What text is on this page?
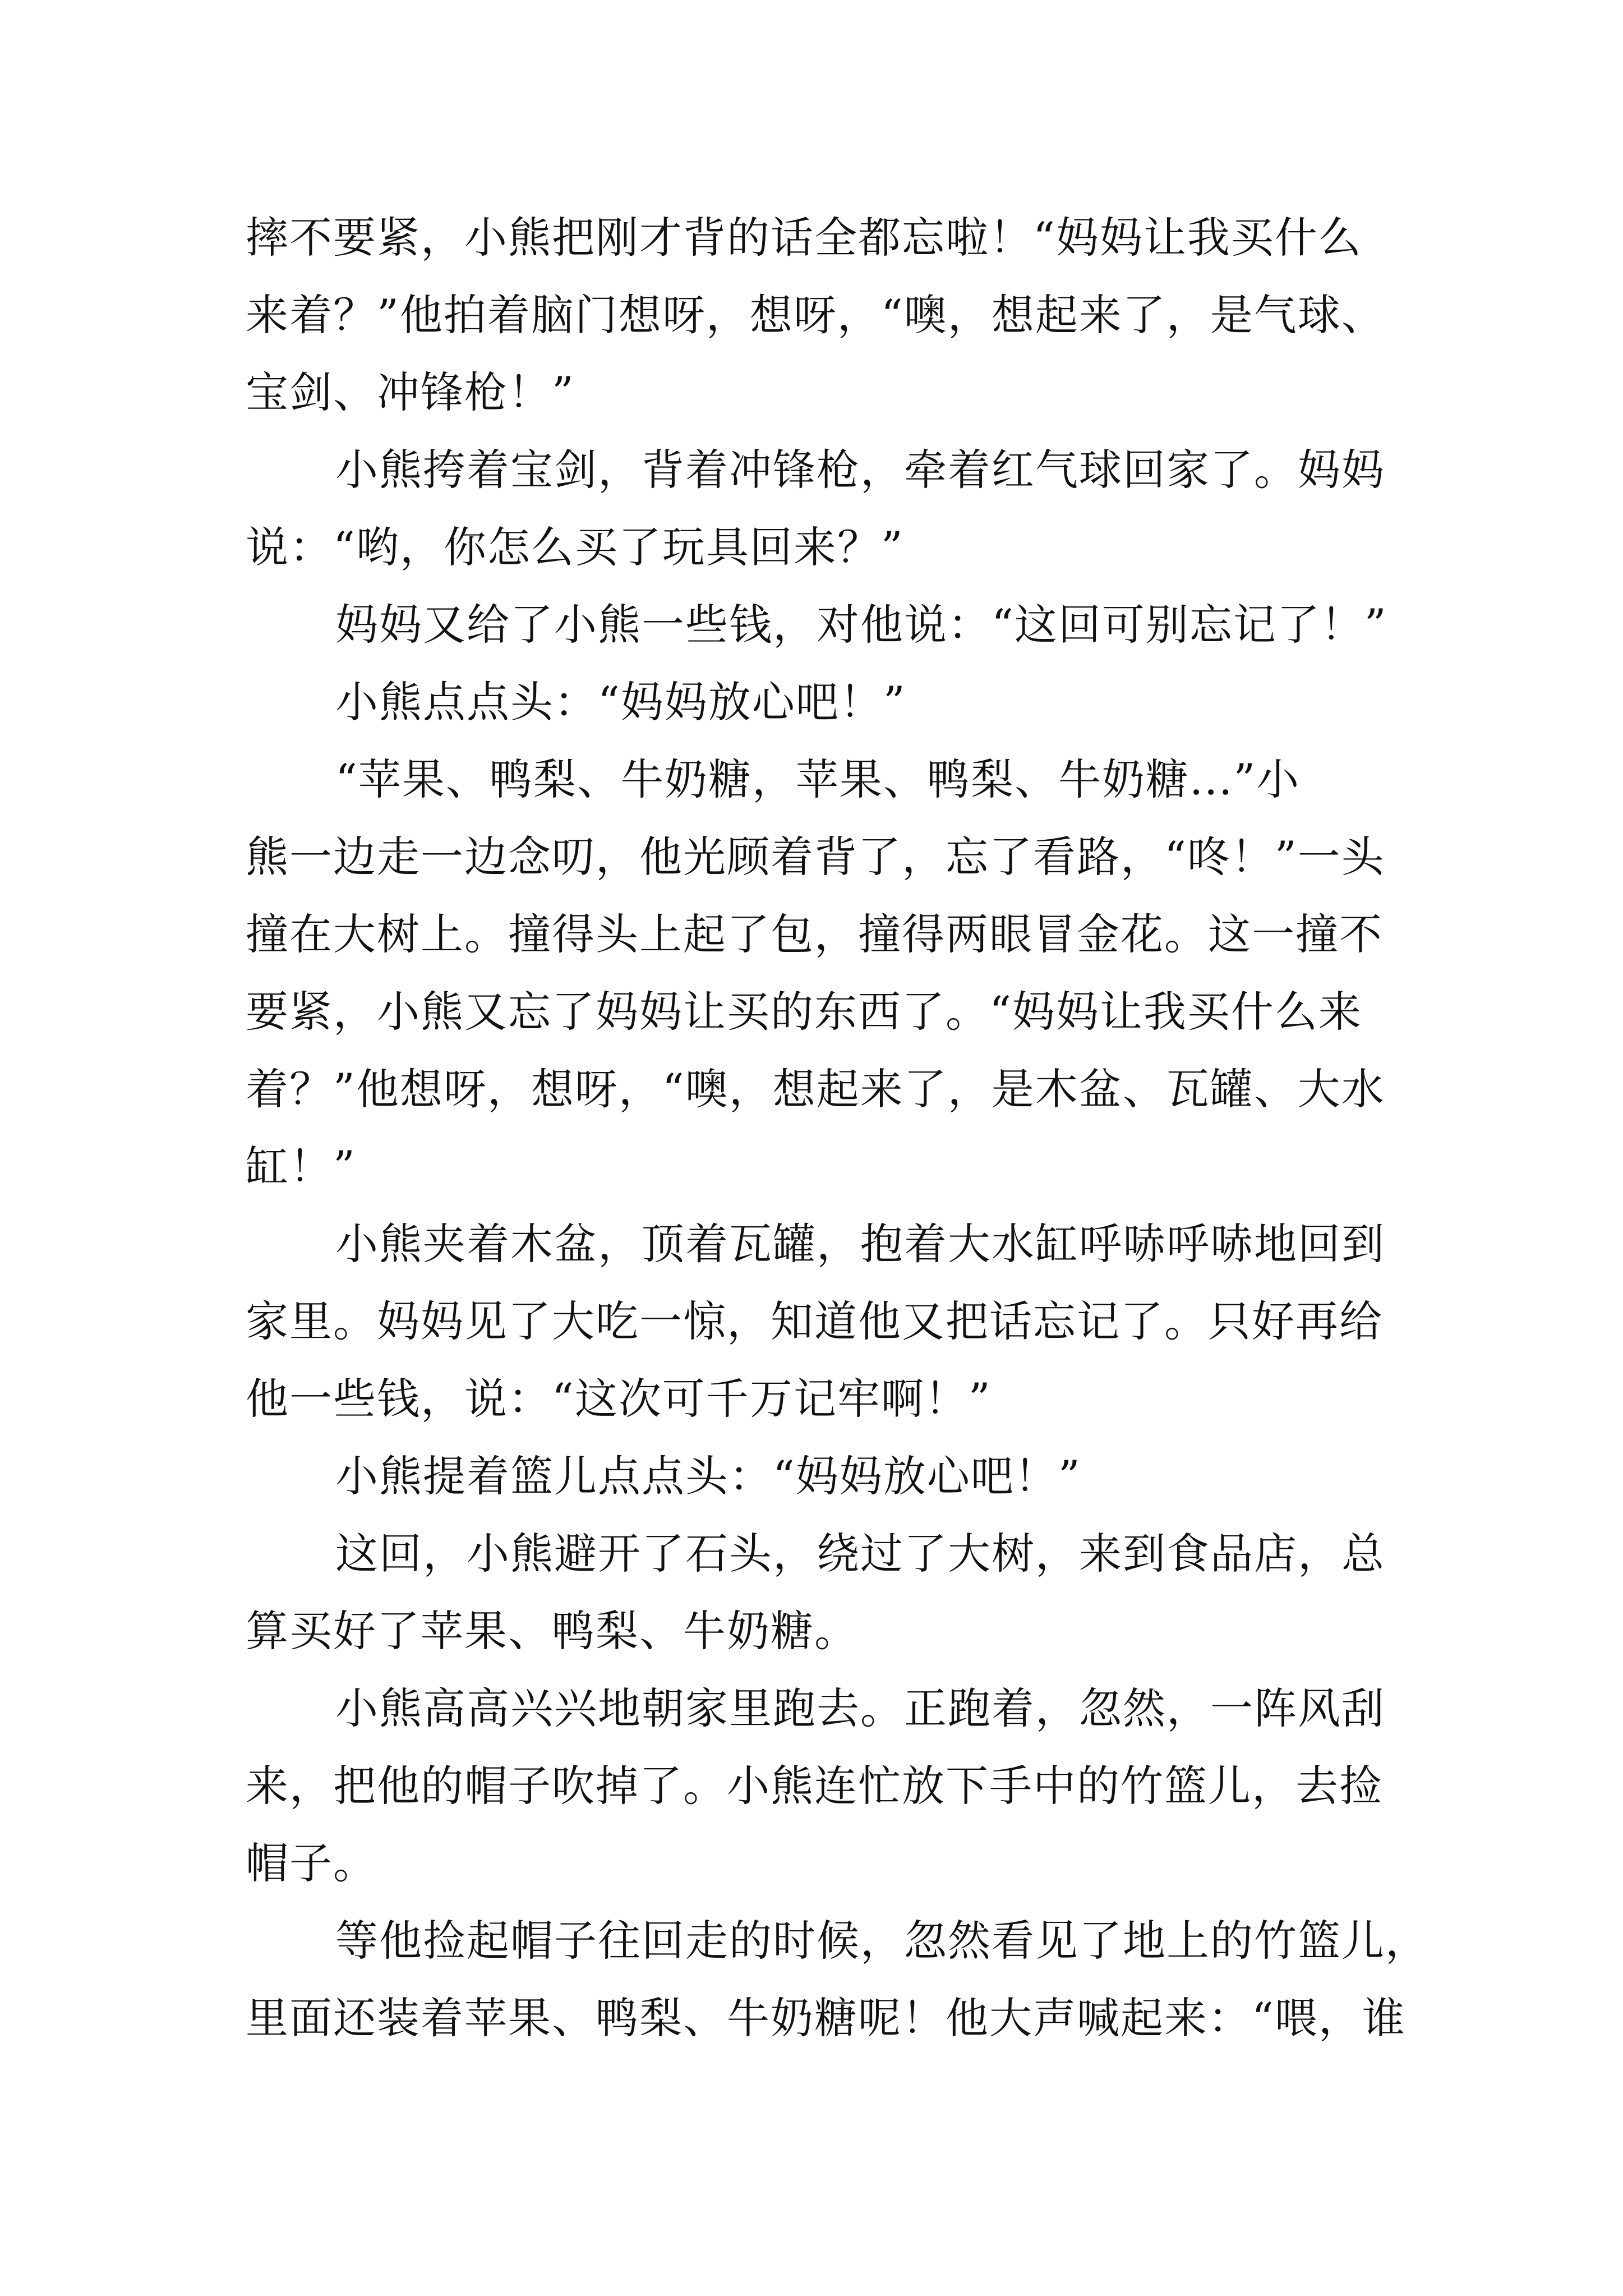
摔不要紧，小熊把刚才背的话全都忘啦！“妈妈让我买什么
来着？”他拍着脑门想呀，想呀，“噢，想起来了，是气球、
宝剑、冲锋枪！”
小熊挎着宝剑，背着冲锋枪，牵着红气球回家了。妈妈
说：“哟，你怎么买了玩具回来？”
妈妈又给了小熊一些钱，对他说：“这回可别忘记了！”
小熊点点头：“妈妈放心吧！”
“苹果、鸭梨、牛奶糖，苹果、鸭梨、牛奶糖...”小
熊一边走一边念叨，他光顾着背了，忘了看路，“咚！”一头
撞在大树上。撞得头上起了包，撞得两眼冒金花。这一撞不
要紧，小熊又忘了妈妈让买的东西了。“妈妈让我买什么来
着？”他想呀，想呀，“噢，想起来了，是木盆、瓦罐、大水
缸！”
小熊夹着木盆，顶着瓦罐，抱着大水缸呼哧呼哧地回到
家里。妈妈见了大吃一惊，知道他又把话忘记了。只好再给
他一些钱，说：“这次可千万记牢啊！”
小熊提着篮儿点点头：“妈妈放心吧！”
这回，小熊避开了石头，绕过了大树，来到食品店，总
算买好了苹果、鸭梨、牛奶糖。
小熊高高兴兴地朝家里跑去。正跑着，忽然，一阵风刮
来，把他的帽子吹掉了。小熊连忙放下手中的竹篮儿，去捡
帽子。
等他捡起帽子往回走的时候，忽然看见了地上的竹篮儿，
里面还装着苹果、鸭梨、牛奶糖呢！他大声喊起来：“喂，谁
